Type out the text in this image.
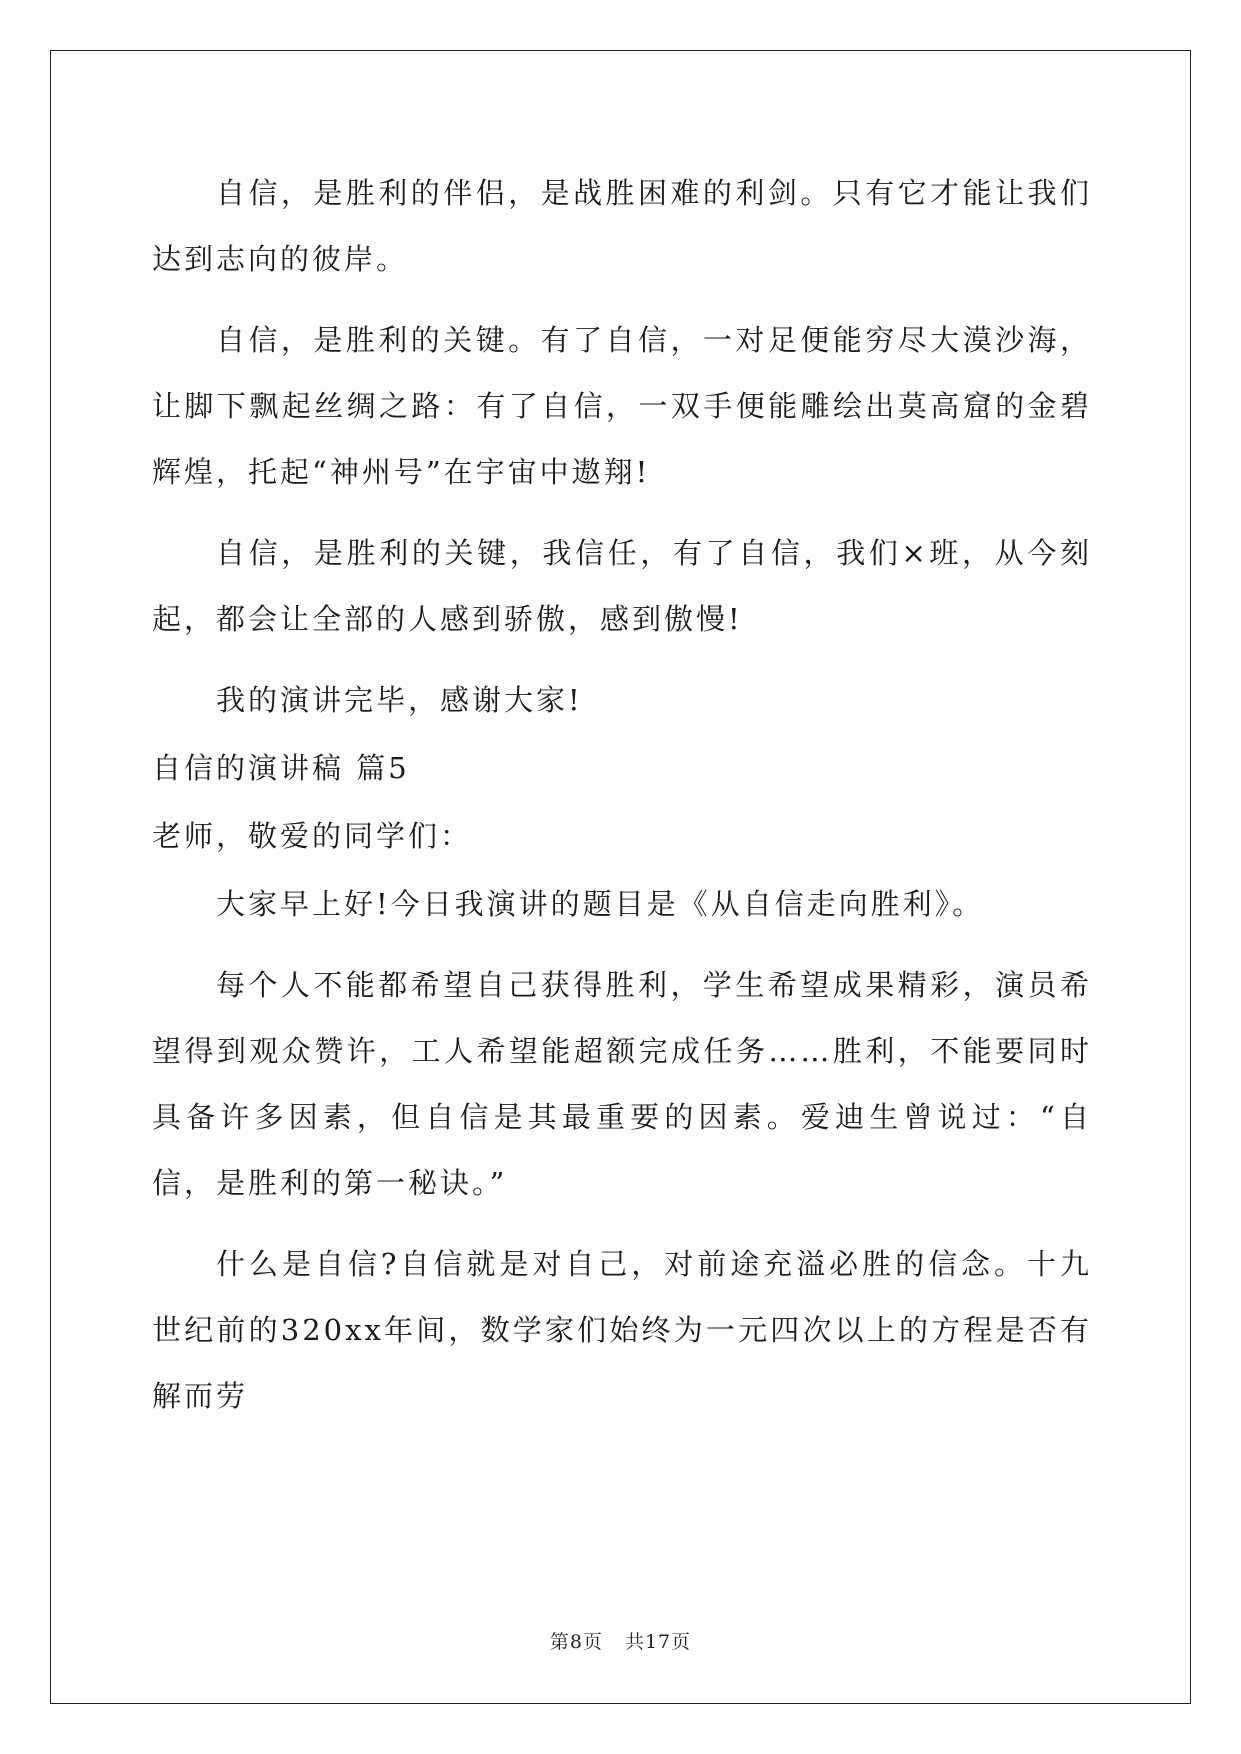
自信，是胜利的伴侣，是战胜困难的利剑。只有它才能让我们达到志向的彼岸。

自信，是胜利的关键。有了自信，一对足便能穷尽大漠沙海，让脚下飘起丝绸之路：有了自信，一双手便能雕绘出莫高窟的金碧辉煌，托起“神州号”在宇宙中遨翔!

自信，是胜利的关键，我信任，有了自信，我们×班，从今刻起，都会让全部的人感到骄傲，感到傲慢!

我的演讲完毕，感谢大家!

自信的演讲稿 篇5

老师，敬爱的同学们：

大家早上好!今日我演讲的题目是《从自信走向胜利》。

每个人不能都希望自己获得胜利，学生希望成果精彩，演员希望得到观众赞许，工人希望能超额完成任务……胜利，不能要同时具备许多因素，但自信是其最重要的因素。爱迪生曾说过：“自信，是胜利的第一秘诀。”

什么是自信?自信就是对自己，对前途充溢必胜的信念。十九世纪前的320xx年间，数学家们始终为一元四次以上的方程是否有解而劳

第8页 共17页
